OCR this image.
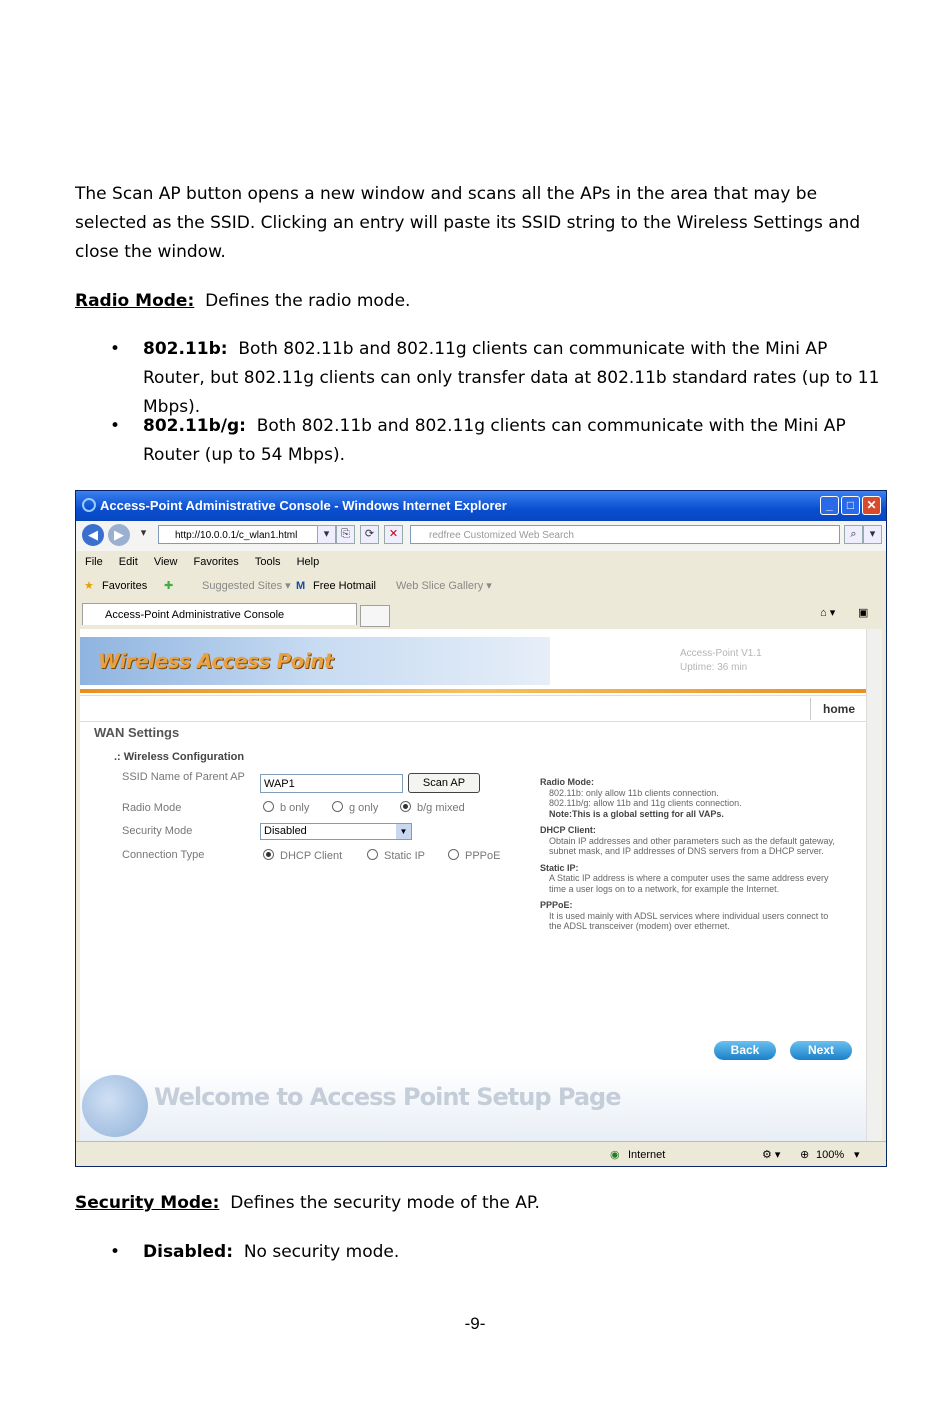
The Scan AP button opens a new window and scans all the APs in the area that may be selected as the SSID. Clicking an entry will paste its SSID string to the Wireless Settings and close the window.
Radio Mode: Defines the radio mode.
• 802.11b: Both 802.11b and 802.11g clients can communicate with the Mini AP Router, but 802.11g clients can only transfer data at 802.11b standard rates (up to 11 Mbps).
• 802.11b/g: Both 802.11b and 802.11g clients can communicate with the Mini AP Router (up to 54 Mbps).
Access-Point Administrative Console - Windows Internet Explorer	_	□	✕
◀	▶	▾	http://10.0.0.1/c_wlan1.html	▾	⎘	⟳	✕	redfree Customized Web Search	⌕	▾
File Edit View Favorites Tools Help
★ Favorites ✚	Suggested Sites ▾ M Free Hotmail Web Slice Gallery ▾
Access-Point Administrative Console	⌂ ▾ ▣
Wireless Access Point	Access-Point V1.1
Uptime: 36 min
home
WAN Settings
.: Wireless Configuration
SSID Name of Parent AP
WAP1	Scan AP
Radio Mode	b only	g only	b/g mixed
Security Mode	Disabled	▼
Connection Type	DHCP Client	Static IP	PPPoE
Radio Mode:
802.11b: only allow 11b clients connection.
802.11b/g: allow 11b and 11g clients connection.
Note:This is a global setting for all VAPs.
DHCP Client:
Obtain IP addresses and other parameters such as the default gateway, subnet mask, and IP addresses of DNS servers from a DHCP server.
Static IP:
A Static IP address is where a computer uses the same address every time a user logs on to a network, for example the Internet.
PPPoE:
It is used mainly with ADSL services where individual users connect to the ADSL transceiver (modem) over ethernet.
Back	Next
Welcome to Access Point Setup Page
◉ Internet	⚙ ▾ ⊕ 100% ▾
Security Mode: Defines the security mode of the AP.
• Disabled: No security mode.
-9-
